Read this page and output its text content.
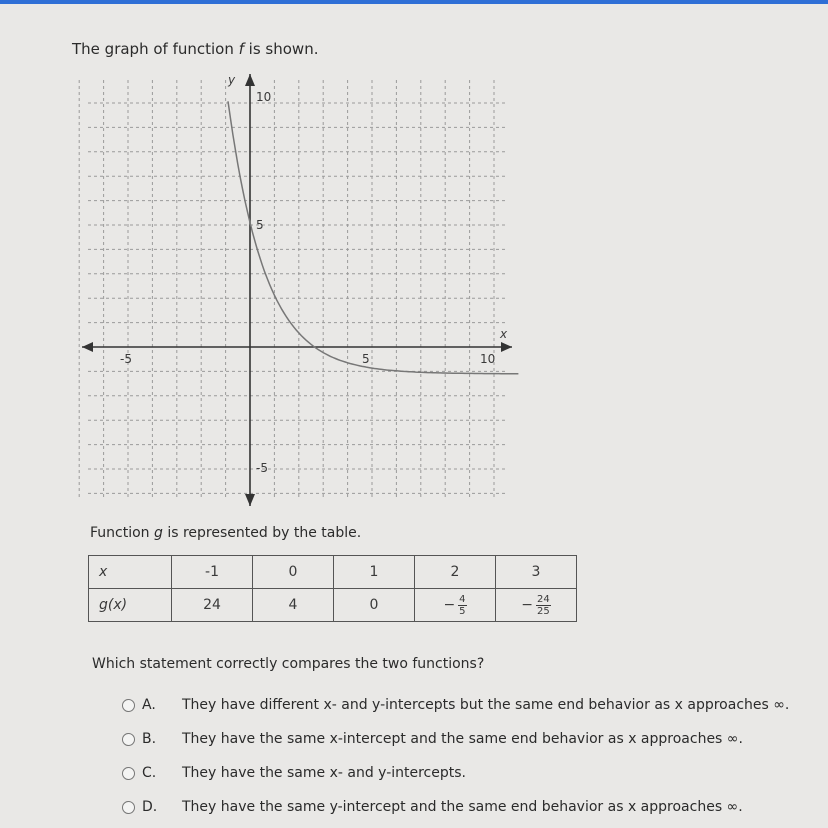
The graph of function f is shown.
y
x
10
5
-5
-5	5	10
Function g is represented by the table.
x	-1	0	1	2	3
g(x)	24	4	0	− $\frac{4}{5}$	− $\frac{24}{25}$
Which statement correctly compares the two functions?
A.	They have different x- and y-intercepts but the same end behavior as x approaches ∞.
B.	They have the same x-intercept and the same end behavior as x approaches ∞.
C.	They have the same x- and y-intercepts.
D.	They have the same y-intercept and the same end behavior as x approaches ∞.
